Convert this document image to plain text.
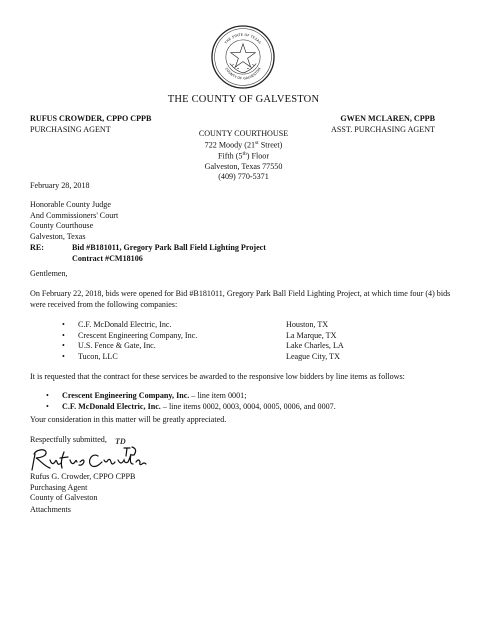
THE STATE OF TEXAS
COUNTY OF GALVESTON
THE COUNTY OF GALVESTON
RUFUS CROWDER, CPPO CPPB
PURCHASING AGENT
GWEN MCLAREN, CPPB
ASST. PURCHASING AGENT
COUNTY COURTHOUSE
722 Moody (21st Street)
Fifth (5th) Floor
Galveston, Texas 77550
(409) 770-5371
February 28, 2018
Honorable County Judge
And Commissioners' Court
County Courthouse
Galveston, Texas
RE:	Bid #B181011, Gregory Park Ball Field Lighting Project
Contract #CM18106
Gentlemen,
On February 22, 2018, bids were opened for Bid #B181011, Gregory Park Ball Field Lighting Project, at which time four (4) bids were received from the following companies:
• C.F. McDonald Electric, Inc.	Houston, TX
• Crescent Engineering Company, Inc.	La Marque, TX
• U.S. Fence & Gate, Inc.	Lake Charles, LA
• Tucon, LLC	League City, TX
It is requested that the contract for these services be awarded to the responsive low bidders by line items as follows:
• Crescent Engineering Company, Inc. – line item 0001;
• C.F. McDonald Electric, Inc. – line items 0002, 0003, 0004, 0005, 0006, and 0007.
Your consideration in this matter will be greatly appreciated.
Respectfully submitted, TD
Rufus G. Crowder, CPPO CPPB
Purchasing Agent
County of Galveston
Attachments
